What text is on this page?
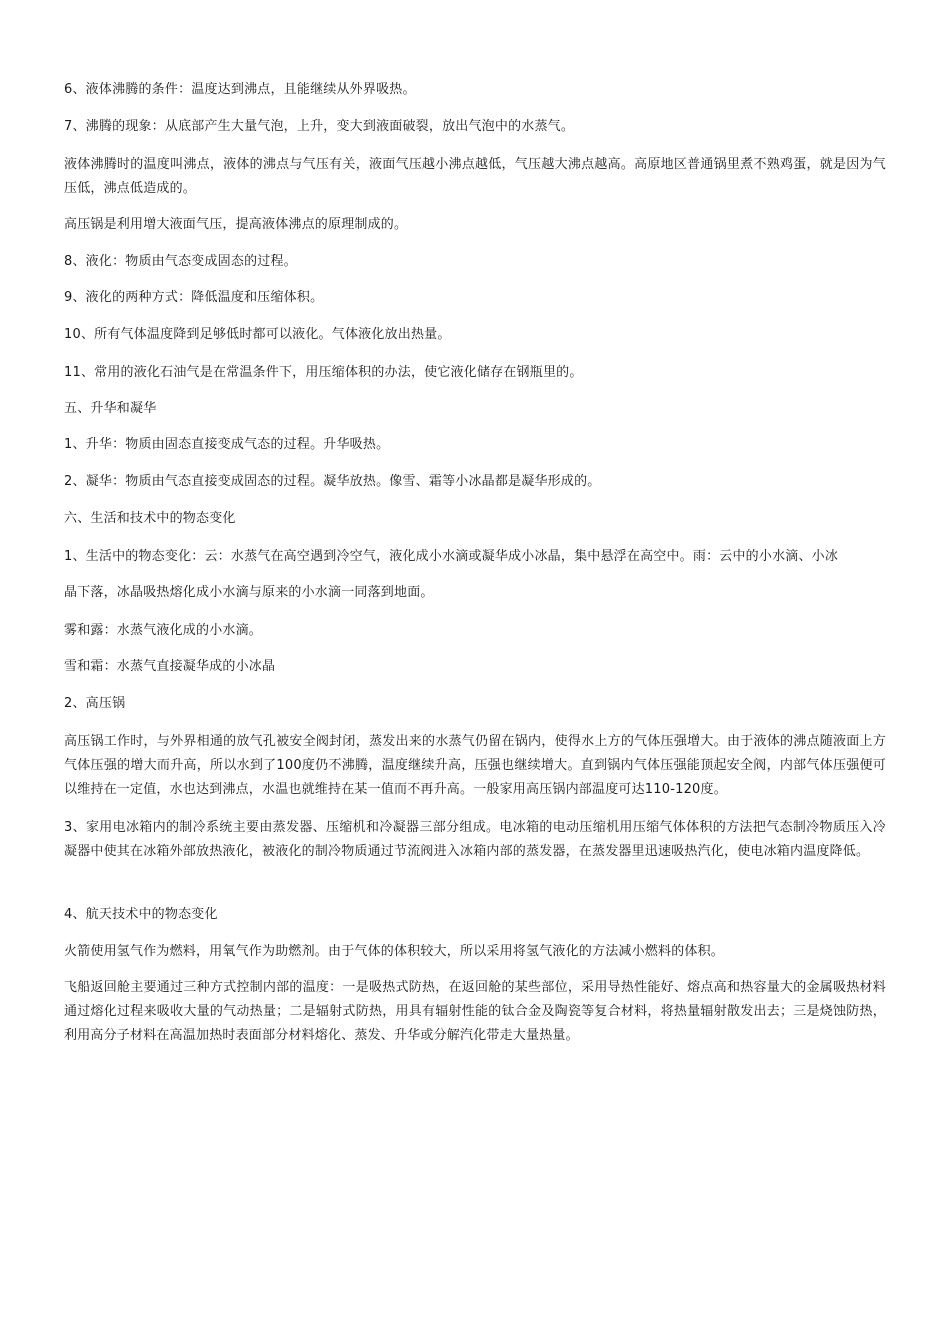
6、液体沸腾的条件：温度达到沸点，且能继续从外界吸热。

7、沸腾的现象：从底部产生大量气泡，上升，变大到液面破裂，放出气泡中的水蒸气。

液体沸腾时的温度叫沸点，液体的沸点与气压有关，液面气压越小沸点越低，气压越大沸点越高。高原地区普通锅里煮不熟鸡蛋，就是因为气压低，沸点低造成的。

高压锅是利用增大液面气压，提高液体沸点的原理制成的。

8、液化：物质由气态变成固态的过程。

9、液化的两种方式：降低温度和压缩体积。

10、所有气体温度降到足够低时都可以液化。气体液化放出热量。

11、常用的液化石油气是在常温条件下，用压缩体积的办法，使它液化储存在钢瓶里的。

五、升华和凝华

1、升华：物质由固态直接变成气态的过程。升华吸热。

2、凝华：物质由气态直接变成固态的过程。凝华放热。像雪、霜等小冰晶都是凝华形成的。

六、生活和技术中的物态变化

1、生活中的物态变化：云：水蒸气在高空遇到冷空气，液化成小水滴或凝华成小冰晶，集中悬浮在高空中。雨：云中的小水滴、小冰

晶下落，冰晶吸热熔化成小水滴与原来的小水滴一同落到地面。

雾和露：水蒸气液化成的小水滴。

雪和霜：水蒸气直接凝华成的小冰晶

2、高压锅

高压锅工作时，与外界相通的放气孔被安全阀封闭，蒸发出来的水蒸气仍留在锅内，使得水上方的气体压强增大。由于液体的沸点随液面上方气体压强的增大而升高，所以水到了100度仍不沸腾，温度继续升高，压强也继续增大。直到锅内气体压强能顶起安全阀，内部气体压强便可以维持在一定值，水也达到沸点，水温也就维持在某一值而不再升高。一般家用高压锅内部温度可达110-120度。

3、家用电冰箱内的制冷系统主要由蒸发器、压缩机和冷凝器三部分组成。电冰箱的电动压缩机用压缩气体体积的方法把气态制冷物质压入冷凝器中使其在冰箱外部放热液化，被液化的制冷物质通过节流阀进入冰箱内部的蒸发器，在蒸发器里迅速吸热汽化，使电冰箱内温度降低。

4、航天技术中的物态变化

火箭使用氢气作为燃料，用氧气作为助燃剂。由于气体的体积较大，所以采用将氢气液化的方法减小燃料的体积。

飞船返回舱主要通过三种方式控制内部的温度：一是吸热式防热，在返回舱的某些部位，采用导热性能好、熔点高和热容量大的金属吸热材料通过熔化过程来吸收大量的气动热量；二是辐射式防热，用具有辐射性能的钛合金及陶瓷等复合材料，将热量辐射散发出去；三是烧蚀防热，利用高分子材料在高温加热时表面部分材料熔化、蒸发、升华或分解汽化带走大量热量。
